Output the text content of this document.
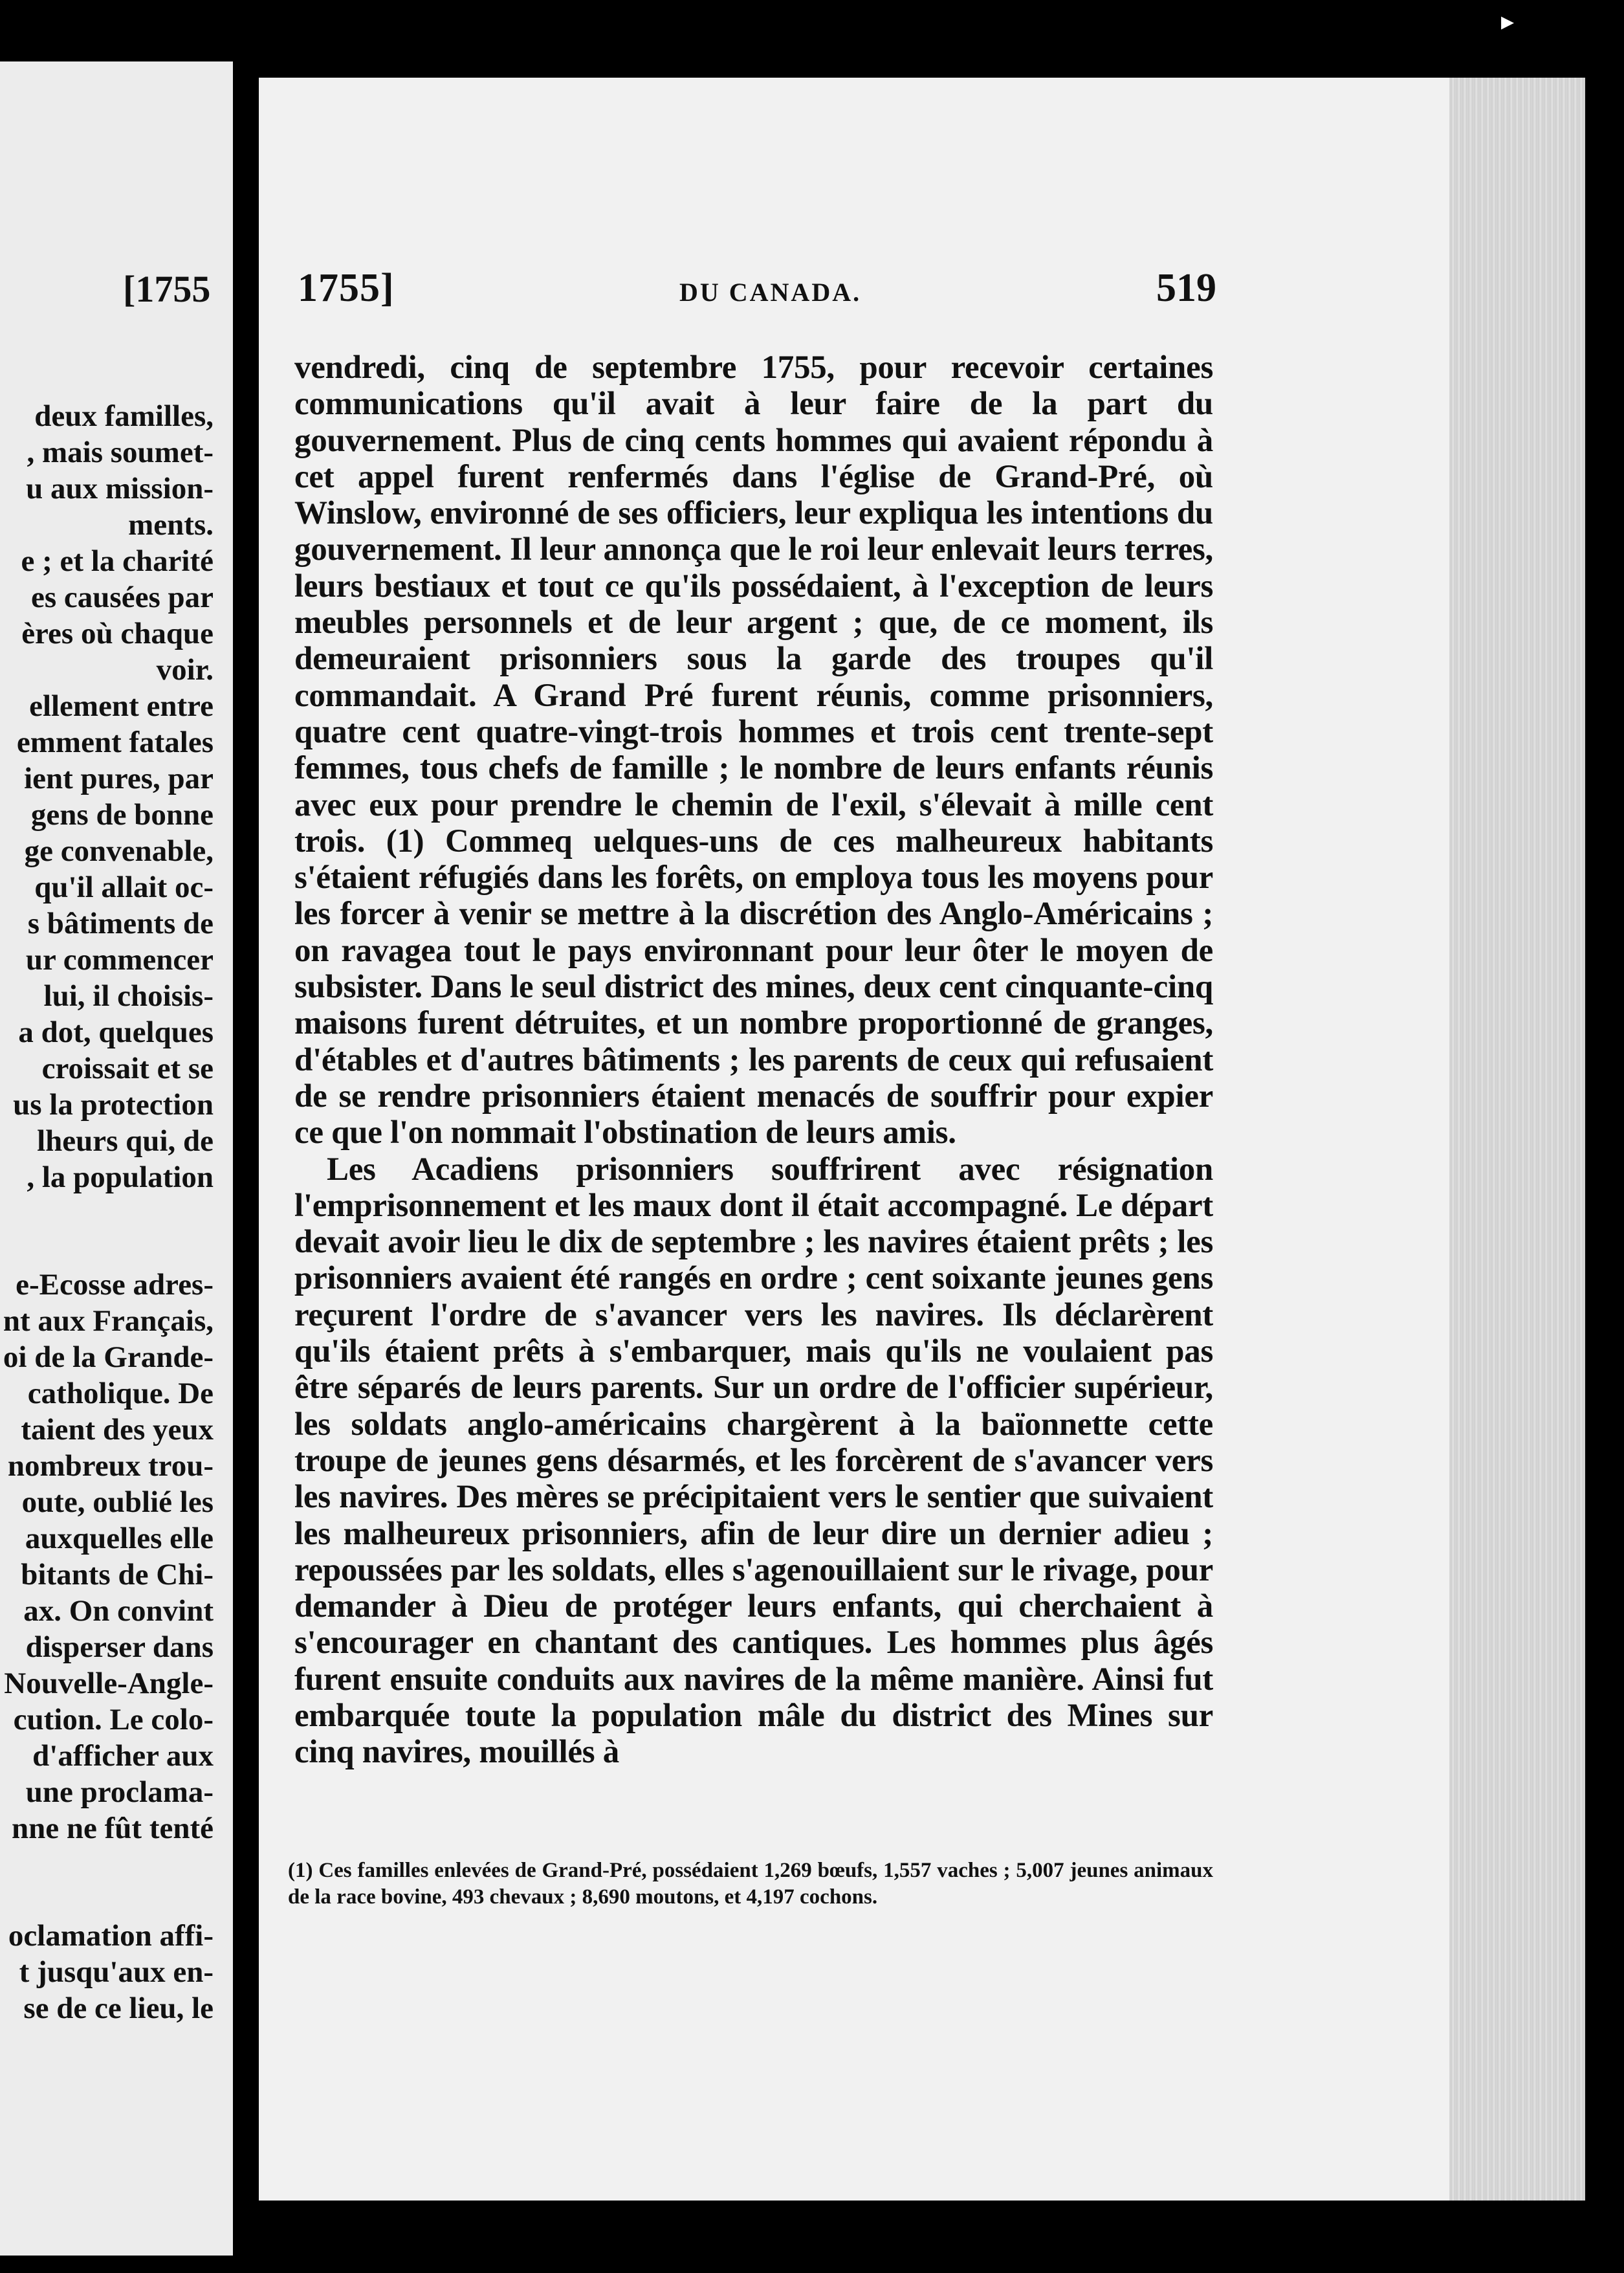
[1755
deux familles,
, mais soumet-
u aux mission-
ments.
e ; et la charité
es causées par
ères où chaque
voir.
ellement entre
emment fatales
ient pures, par
gens de bonne
ge convenable,
qu'il allait oc-
s bâtiments de
ur commencer
lui, il choisis-
a dot, quelques
croissait et se
us la protection
lheurs qui, de
, la population
e-Ecosse adres-
nt aux Français,
oi de la Grande-
catholique. De
taient des yeux
nombreux trou-
oute, oublié les
auxquelles elle
bitants de Chi-
ax. On convint
disperser dans
Nouvelle-Angle-
cution. Le colo-
d'afficher aux
une proclama-
nne ne fût tenté
oclamation affi-
t jusqu'aux en-
se de ce lieu, le
1755]	DU CANADA.	519

vendredi, cinq de septembre 1755, pour recevoir certaines communications qu'il avait à leur faire de la part du gouvernement. Plus de cinq cents hommes qui avaient répondu à cet appel furent renfermés dans l'église de Grand-Pré, où Winslow, environné de ses officiers, leur expliqua les intentions du gouvernement. Il leur annonça que le roi leur enlevait leurs terres, leurs bestiaux et tout ce qu'ils possédaient, à l'exception de leurs meubles personnels et de leur argent ; que, de ce moment, ils demeuraient prisonniers sous la garde des troupes qu'il commandait. A Grand Pré furent réunis, comme prisonniers, quatre cent quatre-vingt-trois hommes et trois cent trente-sept femmes, tous chefs de famille ; le nombre de leurs enfants réunis avec eux pour prendre le chemin de l'exil, s'élevait à mille cent trois. (1) Commeq uelques-uns de ces malheureux habitants s'étaient réfugiés dans les forêts, on employa tous les moyens pour les forcer à venir se mettre à la discrétion des Anglo-Américains ; on ravagea tout le pays environnant pour leur ôter le moyen de subsister. Dans le seul district des mines, deux cent cinquante-cinq maisons furent détruites, et un nombre proportionné de granges, d'étables et d'autres bâtiments ; les parents de ceux qui refusaient de se rendre prisonniers étaient menacés de souffrir pour expier ce que l'on nommait l'obstination de leurs amis.

Les Acadiens prisonniers souffrirent avec résignation l'emprisonnement et les maux dont il était accompagné. Le départ devait avoir lieu le dix de septembre ; les navires étaient prêts ; les prisonniers avaient été rangés en ordre ; cent soixante jeunes gens reçurent l'ordre de s'avancer vers les navires. Ils déclarèrent qu'ils étaient prêts à s'embarquer, mais qu'ils ne voulaient pas être séparés de leurs parents. Sur un ordre de l'officier supérieur, les soldats anglo-américains chargèrent à la baïonnette cette troupe de jeunes gens désarmés, et les forcèrent de s'avancer vers les navires. Des mères se précipitaient vers le sentier que suivaient les malheureux prisonniers, afin de leur dire un dernier adieu ; repoussées par les soldats, elles s'agenouillaient sur le rivage, pour demander à Dieu de protéger leurs enfants, qui cherchaient à s'encourager en chantant des cantiques. Les hommes plus âgés furent ensuite conduits aux navires de la même manière. Ainsi fut embarquée toute la population mâle du district des Mines sur cinq navires, mouillés à

(1) Ces familles enlevées de Grand-Pré, possédaient 1,269 bœufs, 1,557 vaches ; 5,007 jeunes animaux de la race bovine, 493 chevaux ; 8,690 moutons, et 4,197 cochons.
▸
